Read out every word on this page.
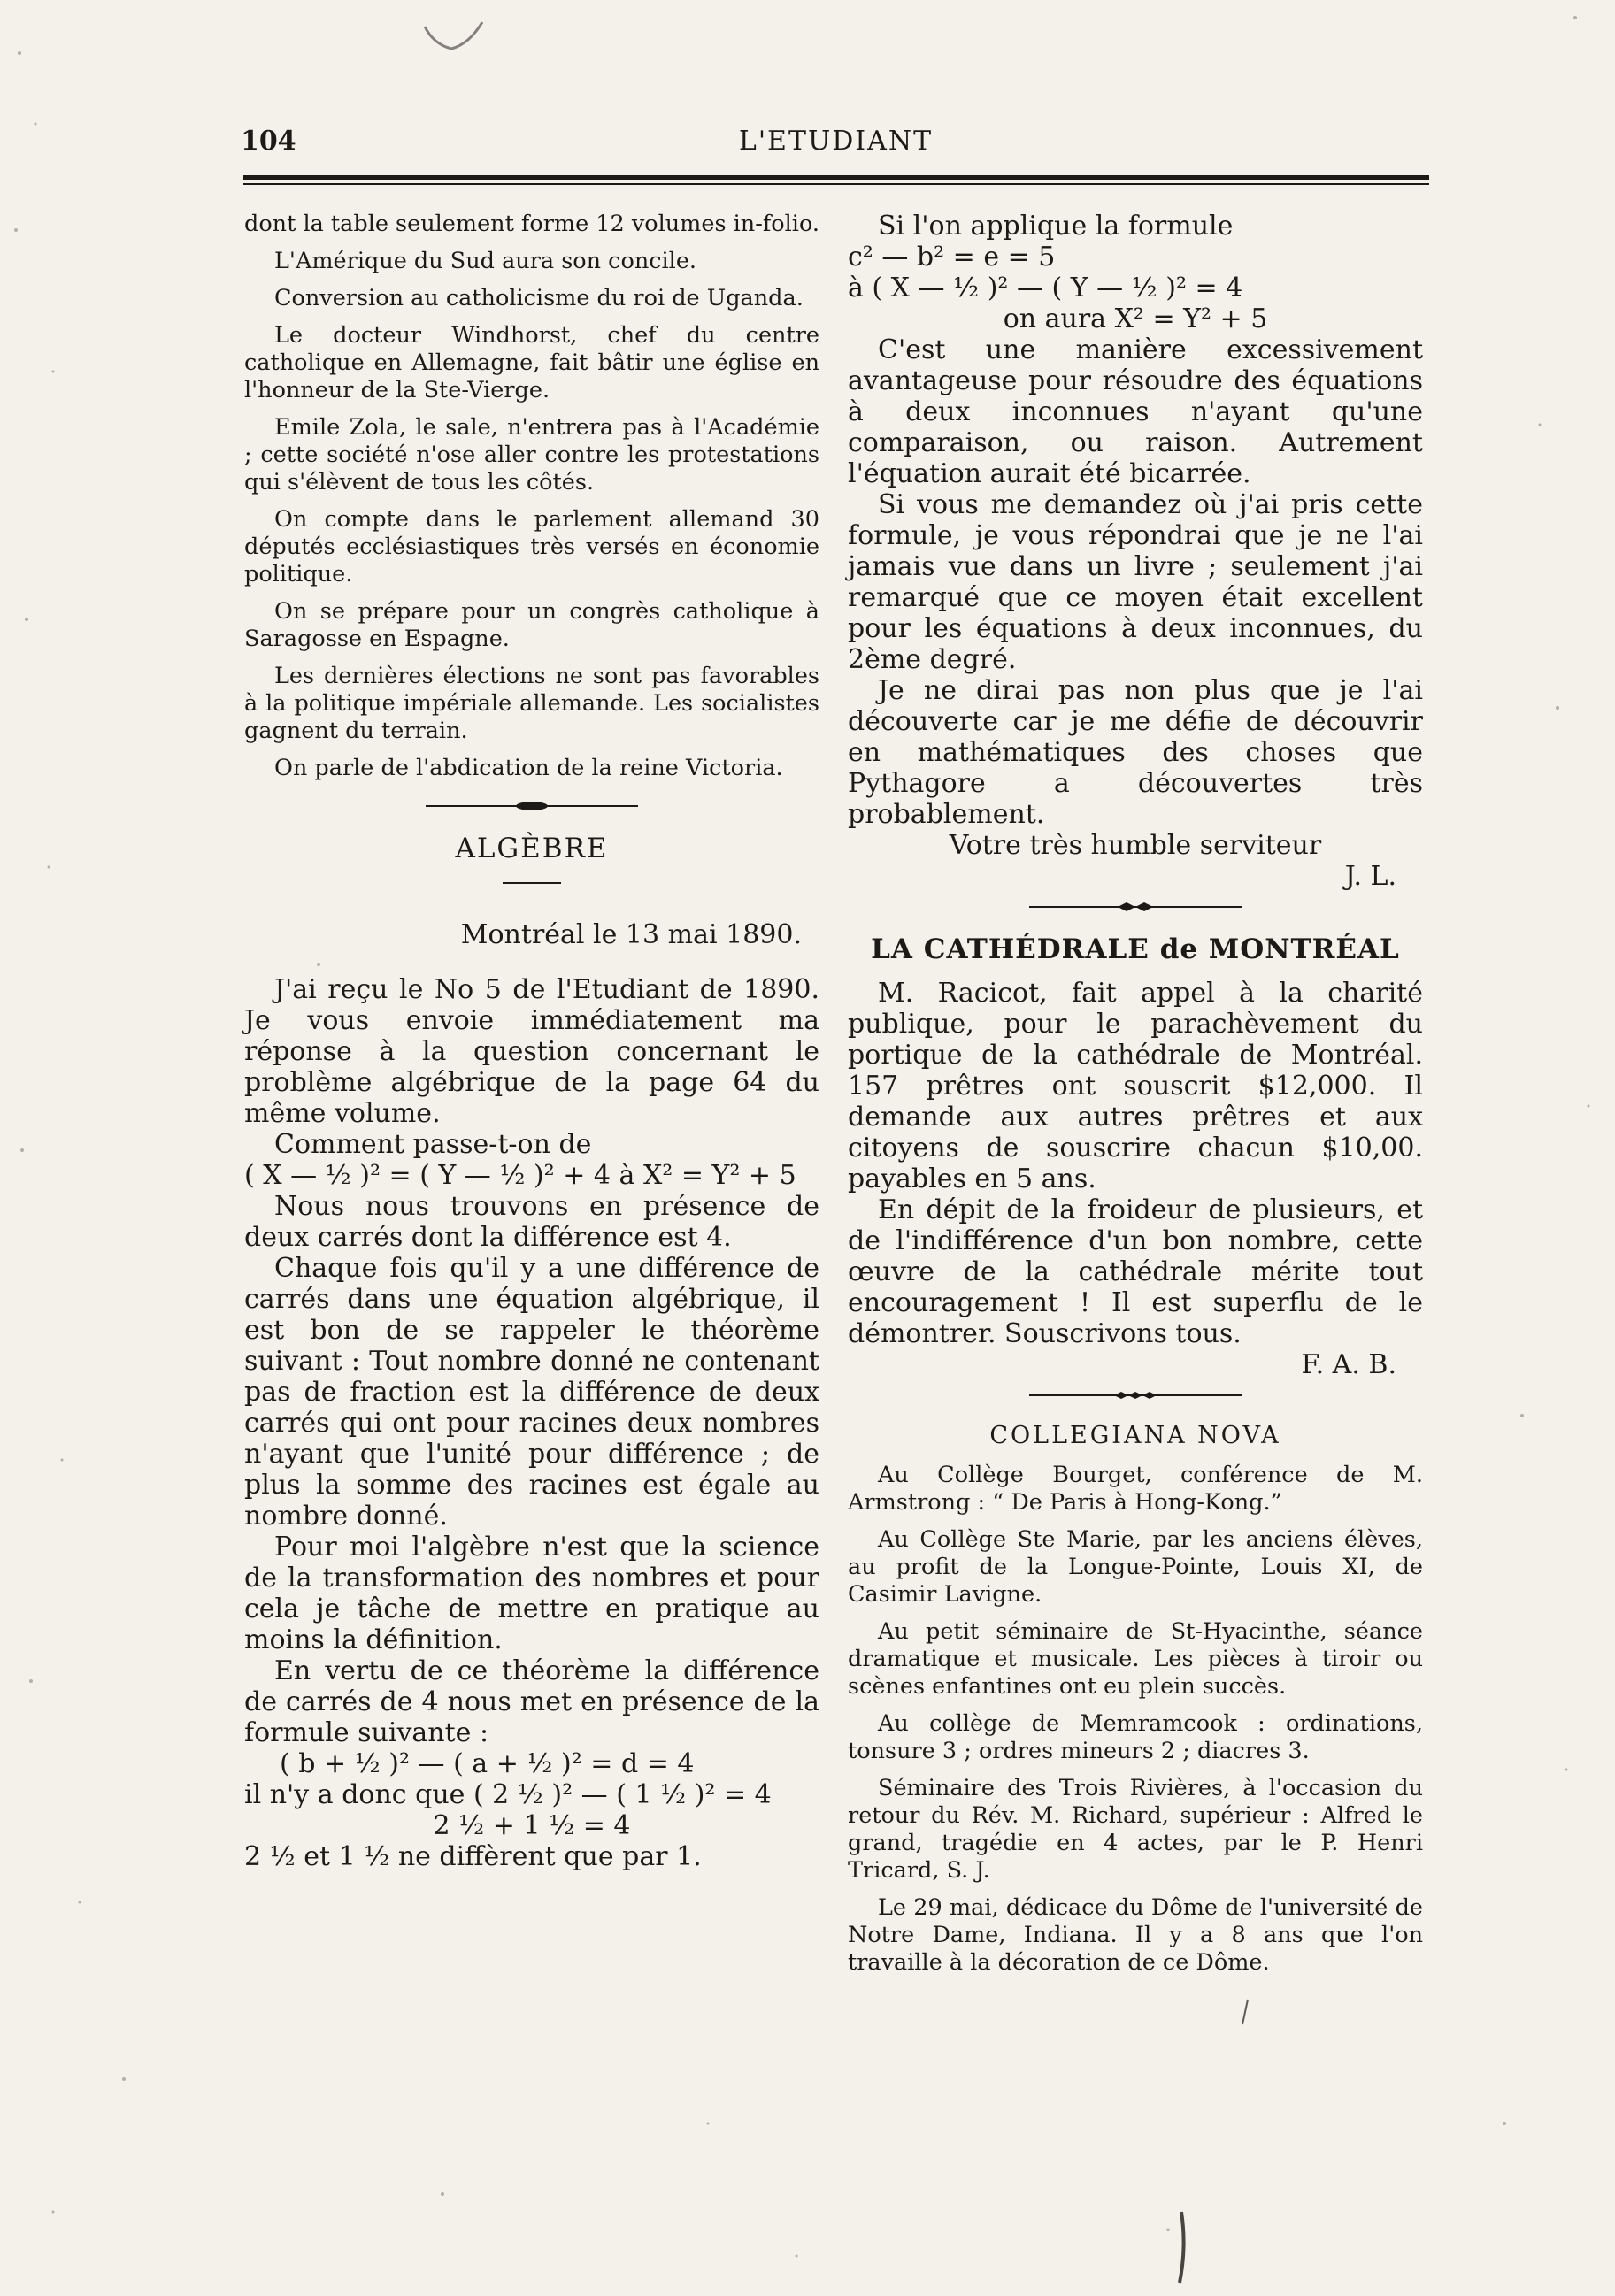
104	L'ETUDIANT

dont la table seulement forme 12 volumes in-folio.

L'Amérique du Sud aura son concile.

Conversion au catholicisme du roi de Uganda.

Le docteur Windhorst, chef du centre catholique en Allemagne, fait bâtir une église en l'honneur de la Ste-Vierge.

Emile Zola, le sale, n'entrera pas à l'Académie ; cette société n'ose aller contre les protestations qui s'élèvent de tous les côtés.

On compte dans le parlement allemand 30 députés ecclésiastiques très versés en économie politique.

On se prépare pour un congrès catholique à Saragosse en Espagne.

Les dernières élections ne sont pas favorables à la politique impériale allemande. Les socialistes gagnent du terrain.

On parle de l'abdication de la reine Victoria.

ALGÈBRE
Montréal le 13 mai 1890.

J'ai reçu le No 5 de l'Etudiant de 1890. Je vous envoie immédiatement ma réponse à la question concernant le problème algébrique de la page 64 du même volume.

Comment passe-t-on de

( X — ½ )² = ( Y — ½ )² + 4 à X² = Y² + 5

Nous nous trouvons en présence de deux carrés dont la différence est 4.

Chaque fois qu'il y a une différence de carrés dans une équation algébrique, il est bon de se rappeler le théorème suivant : Tout nombre donné ne contenant pas de fraction est la différence de deux carrés qui ont pour racines deux nombres n'ayant que l'unité pour différence ; de plus la somme des racines est égale au nombre donné.

Pour moi l'algèbre n'est que la science de la transformation des nombres et pour cela je tâche de mettre en pratique au moins la définition.

En vertu de ce théorème la différence de carrés de 4 nous met en présence de la formule suivante :

( b + ½ )² — ( a + ½ )² = d = 4

il n'y a donc que ( 2 ½ )² — ( 1 ½ )² = 4

2 ½ + 1 ½ = 4

2 ½ et 1 ½ ne diffèrent que par 1.

Si l'on applique la formule

c² — b² = e = 5

à ( X — ½ )² — ( Y — ½ )² = 4

on aura X² = Y² + 5

C'est une manière excessivement avantageuse pour résoudre des équations à deux inconnues n'ayant qu'une comparaison, ou raison. Autrement l'équation aurait été bicarrée.

Si vous me demandez où j'ai pris cette formule, je vous répondrai que je ne l'ai jamais vue dans un livre ; seulement j'ai remarqué que ce moyen était excellent pour les équations à deux inconnues, du 2ème degré.

Je ne dirai pas non plus que je l'ai découverte car je me défie de découvrir en mathématiques des choses que Pythagore a découvertes très probablement.

Votre très humble serviteur

J. L.
LA CATHÉDRALE de MONTRÉAL

M. Racicot, fait appel à la charité publique, pour le parachèvement du portique de la cathédrale de Montréal. 157 prêtres ont souscrit $12,000. Il demande aux autres prêtres et aux citoyens de souscrire chacun $10,00. payables en 5 ans.

En dépit de la froideur de plusieurs, et de l'indifférence d'un bon nombre, cette œuvre de la cathédrale mérite tout encouragement ! Il est superflu de le démontrer. Souscrivons tous.

F. A. B.
COLLEGIANA NOVA

Au Collège Bourget, conférence de M. Armstrong : “ De Paris à Hong-Kong.”

Au Collège Ste Marie, par les anciens élèves, au profit de la Longue-Pointe, Louis XI, de Casimir Lavigne.

Au petit séminaire de St-Hyacinthe, séance dramatique et musicale. Les pièces à tiroir ou scènes enfantines ont eu plein succès.

Au collège de Memramcook : ordinations, tonsure 3 ; ordres mineurs 2 ; diacres 3.

Séminaire des Trois Rivières, à l'occasion du retour du Rév. M. Richard, supérieur : Alfred le grand, tragédie en 4 actes, par le P. Henri Tricard, S. J.

Le 29 mai, dédicace du Dôme de l'université de Notre Dame, Indiana. Il y a 8 ans que l'on travaille à la décoration de ce Dôme.
